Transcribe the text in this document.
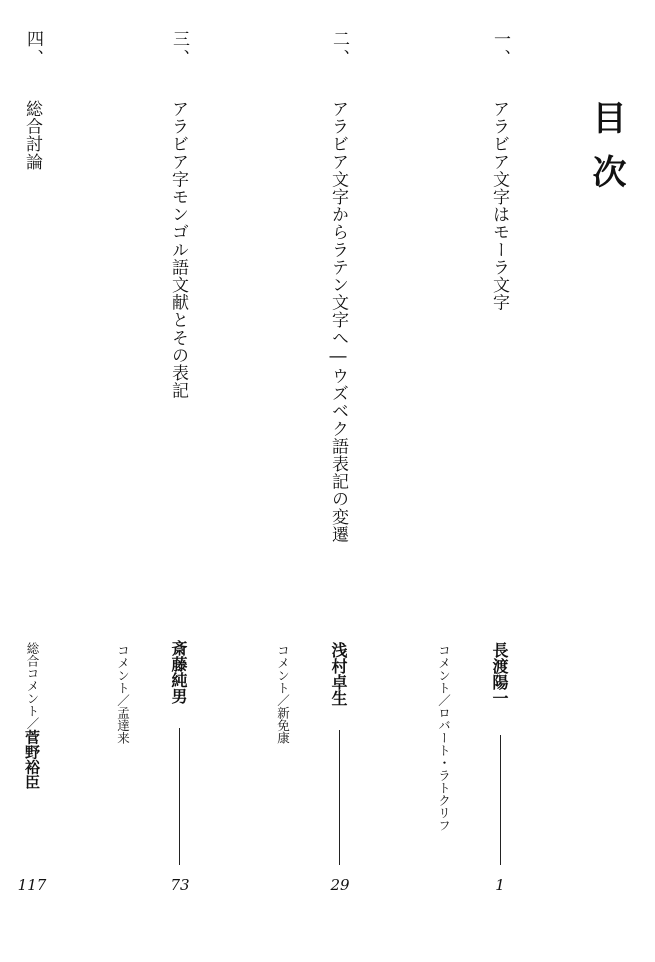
目次
一、
アラビア文字はモーラ文字
長渡陽一
コメント／ロバート・ラトクリフ
1
二、
アラビア文字からラテン文字へ―ウズベク語表記の変遷
浅村卓生
コメント／新免康
29
三、
アラビア字モンゴル語文献とその表記
斎藤純男
コメント／孟達来
73
四、
総合討論
総合コメント／菅野裕臣
117
